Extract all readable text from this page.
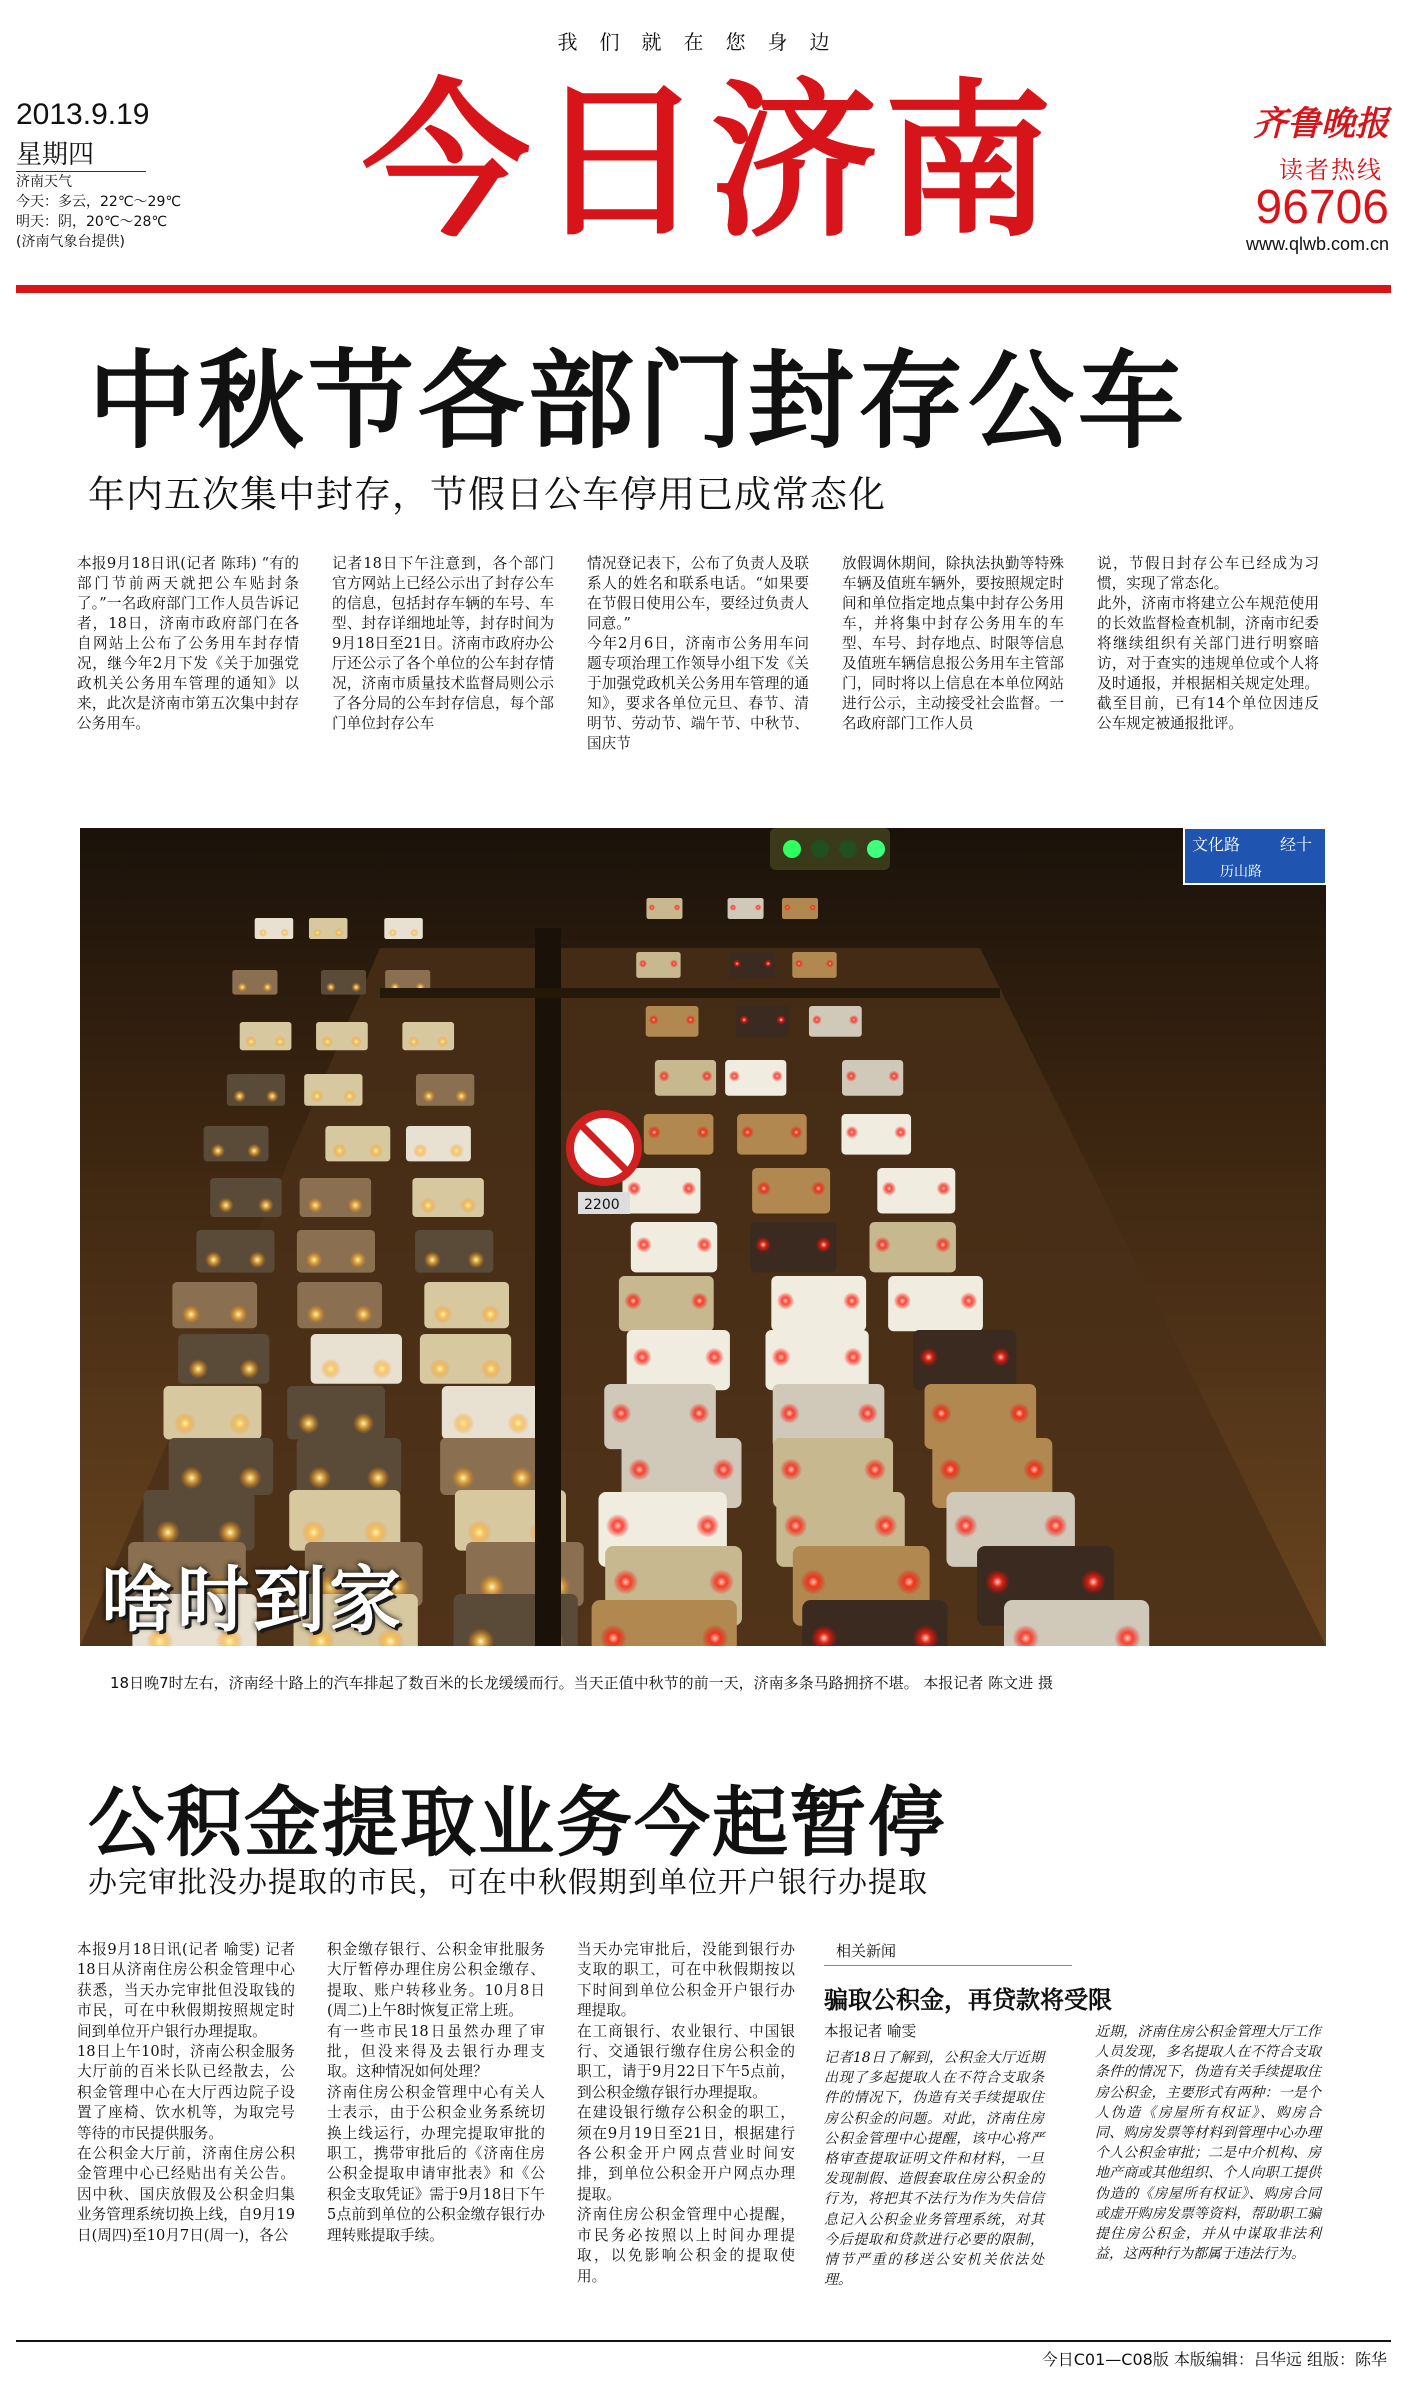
我们就在您身边
2013.9.19
星期四
济南天气
今天：多云，22℃～29℃
明天：阴，20℃～28℃
(济南气象台提供) 今日济南	齐鲁晚报
读者热线
96706
www.qlwb.com.cn
中秋节各部门封存公车
年内五次集中封存，节假日公车停用已成常态化
本报9月18日讯(记者 陈玮) “有的部门节前两天就把公车贴封条了。”一名政府部门工作人员告诉记者，18日，济南市政府部门在各自网站上公布了公务用车封存情况，继今年2月下发《关于加强党政机关公务用车管理的通知》以来，此次是济南市第五次集中封存公务用车。
记者18日下午注意到，各个部门官方网站上已经公示出了封存公车的信息，包括封存车辆的车号、车型、封存详细地址等，封存时间为9月18日至21日。济南市政府办公厅还公示了各个单位的公车封存情况，济南市质量技术监督局则公示了各分局的公车封存信息，每个部门单位封存公车
情况登记表下，公布了负责人及联系人的姓名和联系电话。“如果要在节假日使用公车，要经过负责人同意。”
今年2月6日，济南市公务用车问题专项治理工作领导小组下发《关于加强党政机关公务用车管理的通知》，要求各单位元旦、春节、清明节、劳动节、端午节、中秋节、国庆节
放假调休期间，除执法执勤等特殊车辆及值班车辆外，要按照规定时间和单位指定地点集中封存公务用车，并将集中封存公务用车的车型、车号、封存地点、时限等信息及值班车辆信息报公务用车主管部门，同时将以上信息在本单位网站进行公示，主动接受社会监督。一名政府部门工作人员
说，节假日封存公车已经成为习惯，实现了常态化。
此外，济南市将建立公车规范使用的长效监督检查机制，济南市纪委将继续组织有关部门进行明察暗访，对于查实的违规单位或个人将及时通报，并根据相关规定处理。截至目前，已有14个单位因违反公车规定被通报批评。
文化路 经十
历山路
2200
啥时到家
18日晚7时左右，济南经十路上的汽车排起了数百米的长龙缓缓而行。当天正值中秋节的前一天，济南多条马路拥挤不堪。 本报记者 陈文进 摄
公积金提取业务今起暂停
办完审批没办提取的市民，可在中秋假期到单位开户银行办提取
本报9月18日讯(记者 喻雯) 记者18日从济南住房公积金管理中心获悉，当天办完审批但没取钱的市民，可在中秋假期按照规定时间到单位开户银行办理提取。
18日上午10时，济南公积金服务大厅前的百米长队已经散去，公积金管理中心在大厅西边院子设置了座椅、饮水机等，为取完号等待的市民提供服务。
在公积金大厅前，济南住房公积金管理中心已经贴出有关公告。因中秋、国庆放假及公积金归集业务管理系统切换上线，自9月19日(周四)至10月7日(周一)，各公
积金缴存银行、公积金审批服务大厅暂停办理住房公积金缴存、提取、账户转移业务。10月8日(周二)上午8时恢复正常上班。
有一些市民18日虽然办理了审批，但没来得及去银行办理支取。这种情况如何处理？
济南住房公积金管理中心有关人士表示，由于公积金业务系统切换上线运行，办理完提取审批的职工，携带审批后的《济南住房公积金提取申请审批表》和《公积金支取凭证》需于9月18日下午5点前到单位的公积金缴存银行办理转账提取手续。
当天办完审批后，没能到银行办支取的职工，可在中秋假期按以下时间到单位公积金开户银行办理提取。
在工商银行、农业银行、中国银行、交通银行缴存住房公积金的职工，请于9月22日下午5点前，到公积金缴存银行办理提取。
在建设银行缴存公积金的职工，须在9月19日至21日，根据建行各公积金开户网点营业时间安排，到单位公积金开户网点办理提取。
济南住房公积金管理中心提醒，市民务必按照以上时间办理提取，以免影响公积金的提取使用。
相关新闻
骗取公积金，再贷款将受限
本报记者 喻雯
记者18日了解到，公积金大厅近期出现了多起提取人在不符合支取条件的情况下，伪造有关手续提取住房公积金的问题。对此，济南住房公积金管理中心提醒，该中心将严格审查提取证明文件和材料，一旦发现制假、造假套取住房公积金的行为，将把其不法行为作为失信信息记入公积金业务管理系统，对其今后提取和贷款进行必要的限制，情节严重的移送公安机关依法处理。
近期，济南住房公积金管理大厅工作人员发现，多名提取人在不符合支取条件的情况下，伪造有关手续提取住房公积金，主要形式有两种：一是个人伪造《房屋所有权证》、购房合同、购房发票等材料到管理中心办理个人公积金审批；二是中介机构、房地产商或其他组织、个人向职工提供伪造的《房屋所有权证》、购房合同或虚开购房发票等资料，帮助职工骗提住房公积金，并从中谋取非法利益，这两种行为都属于违法行为。
今日C01—C08版 本版编辑：吕华远 组版：陈华
